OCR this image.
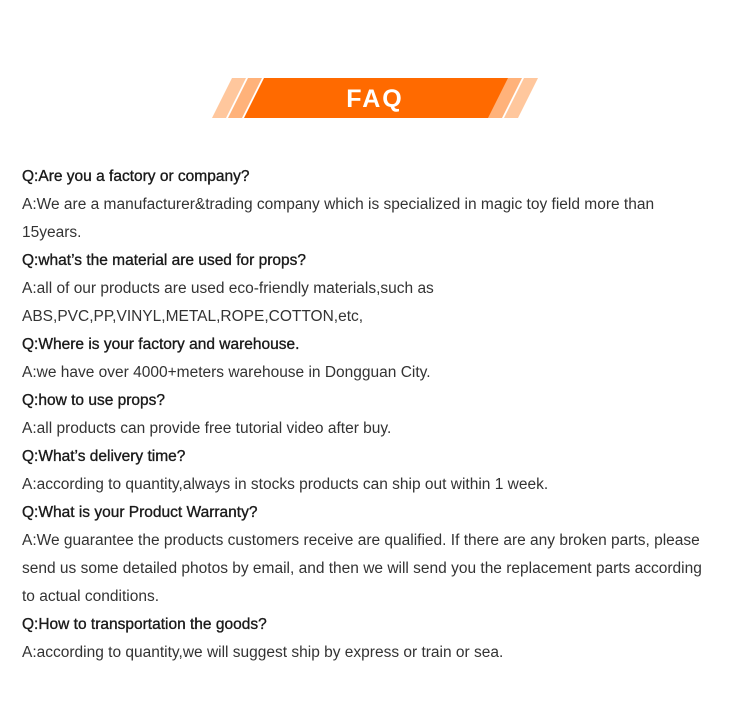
FAQ
Q:Are you a factory or company?
A:We are a manufacturer&trading company which is specialized in magic toy field more than
15years.
Q:what’s the material are used for props?
A:all of our products are used eco-friendly materials,such as
ABS,PVC,PP,VINYL,METAL,ROPE,COTTON,etc,
Q:Where is your factory and warehouse.
A:we have over 4000+meters warehouse in Dongguan City.
Q:how to use props?
A:all products can provide free tutorial video after buy.
Q:What’s delivery time?
A:according to quantity,always in stocks products can ship out within 1 week.
Q:What is your Product Warranty?
A:We guarantee the products customers receive are qualified. If there are any broken parts, please
send us some detailed photos by email, and then we will send you the replacement parts according
to actual conditions.
Q:How to transportation the goods?
A:according to quantity,we will suggest ship by express or train or sea.
